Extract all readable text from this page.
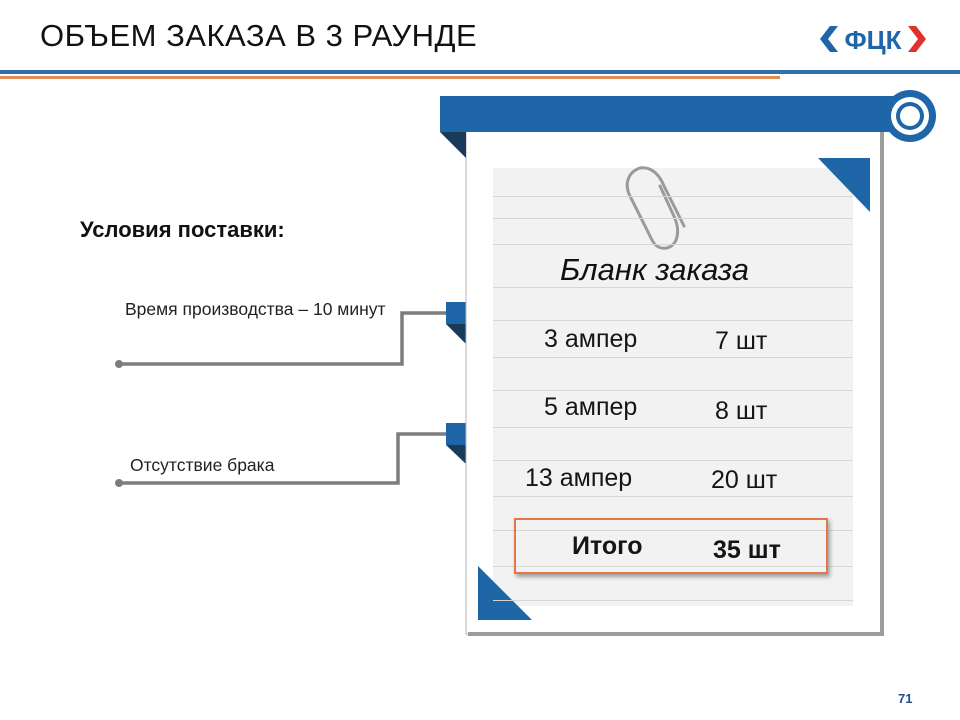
ОБЪЕМ ЗАКАЗА В 3 РАУНДЕ	ФЦК
Условия поставки:
Время производства – 10 минут
Отсутствие брака
Бланк заказа
3 ампер	7 шт
5 ампер	8 шт
13 ампер	20 шт
Итого	35 шт
71
